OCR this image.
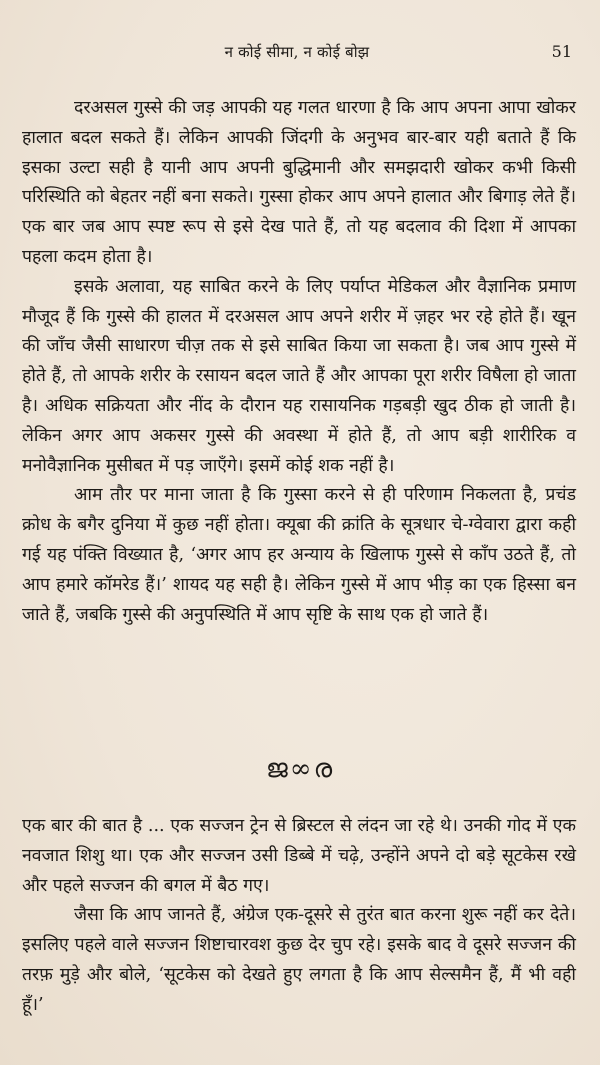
न कोई सीमा, न कोई बोझ	51

दरअसल गुस्से की जड़ आपकी यह गलत धारणा है कि आप अपना आपा खोकर हालात बदल सकते हैं। लेकिन आपकी जिंदगी के अनुभव बार-बार यही बताते हैं कि इसका उल्टा सही है यानी आप अपनी बुद्धिमानी और समझदारी खोकर कभी किसी परिस्थिति को बेहतर नहीं बना सकते। गुस्सा होकर आप अपने हालात और बिगाड़ लेते हैं। एक बार जब आप स्पष्ट रूप से इसे देख पाते हैं, तो यह बदलाव की दिशा में आपका पहला कदम होता है।

इसके अलावा, यह साबित करने के लिए पर्याप्त मेडिकल और वैज्ञानिक प्रमाण मौजूद हैं कि गुस्से की हालत में दरअसल आप अपने शरीर में ज़हर भर रहे होते हैं। खून की जाँच जैसी साधारण चीज़ तक से इसे साबित किया जा सकता है। जब आप गुस्से में होते हैं, तो आपके शरीर के रसायन बदल जाते हैं और आपका पूरा शरीर विषैला हो जाता है। अधिक सक्रियता और नींद के दौरान यह रासायनिक गड़बड़ी खुद ठीक हो जाती है। लेकिन अगर आप अकसर गुस्से की अवस्था में होते हैं, तो आप बड़ी शारीरिक व मनोवैज्ञानिक मुसीबत में पड़ जाएँगे। इसमें कोई शक नहीं है।

आम तौर पर माना जाता है कि गुस्सा करने से ही परिणाम निकलता है, प्रचंड क्रोध के बगैर दुनिया में कुछ नहीं होता। क्यूबा की क्रांति के सूत्रधार चे-ग्वेवारा द्वारा कही गई यह पंक्ति विख्यात है, ‘अगर आप हर अन्याय के खिलाफ गुस्से से काँप उठते हैं, तो आप हमारे कॉमरेड हैं।’ शायद यह सही है। लेकिन गुस्से में आप भीड़ का एक हिस्सा बन जाते हैं, जबकि गुस्से की अनुपस्थिति में आप सृष्टि के साथ एक हो जाते हैं।

ജ∞ര

एक बार की बात है ... एक सज्जन ट्रेन से ब्रिस्टल से लंदन जा रहे थे। उनकी गोद में एक नवजात शिशु था। एक और सज्जन उसी डिब्बे में चढ़े, उन्होंने अपने दो बड़े सूटकेस रखे और पहले सज्जन की बगल में बैठ गए।

जैसा कि आप जानते हैं, अंग्रेज एक-दूसरे से तुरंत बात करना शुरू नहीं कर देते। इसलिए पहले वाले सज्जन शिष्टाचारवश कुछ देर चुप रहे। इसके बाद वे दूसरे सज्जन की तरफ़ मुड़े और बोले, ‘सूटकेस को देखते हुए लगता है कि आप सेल्समैन हैं, मैं भी वही हूँ।’
